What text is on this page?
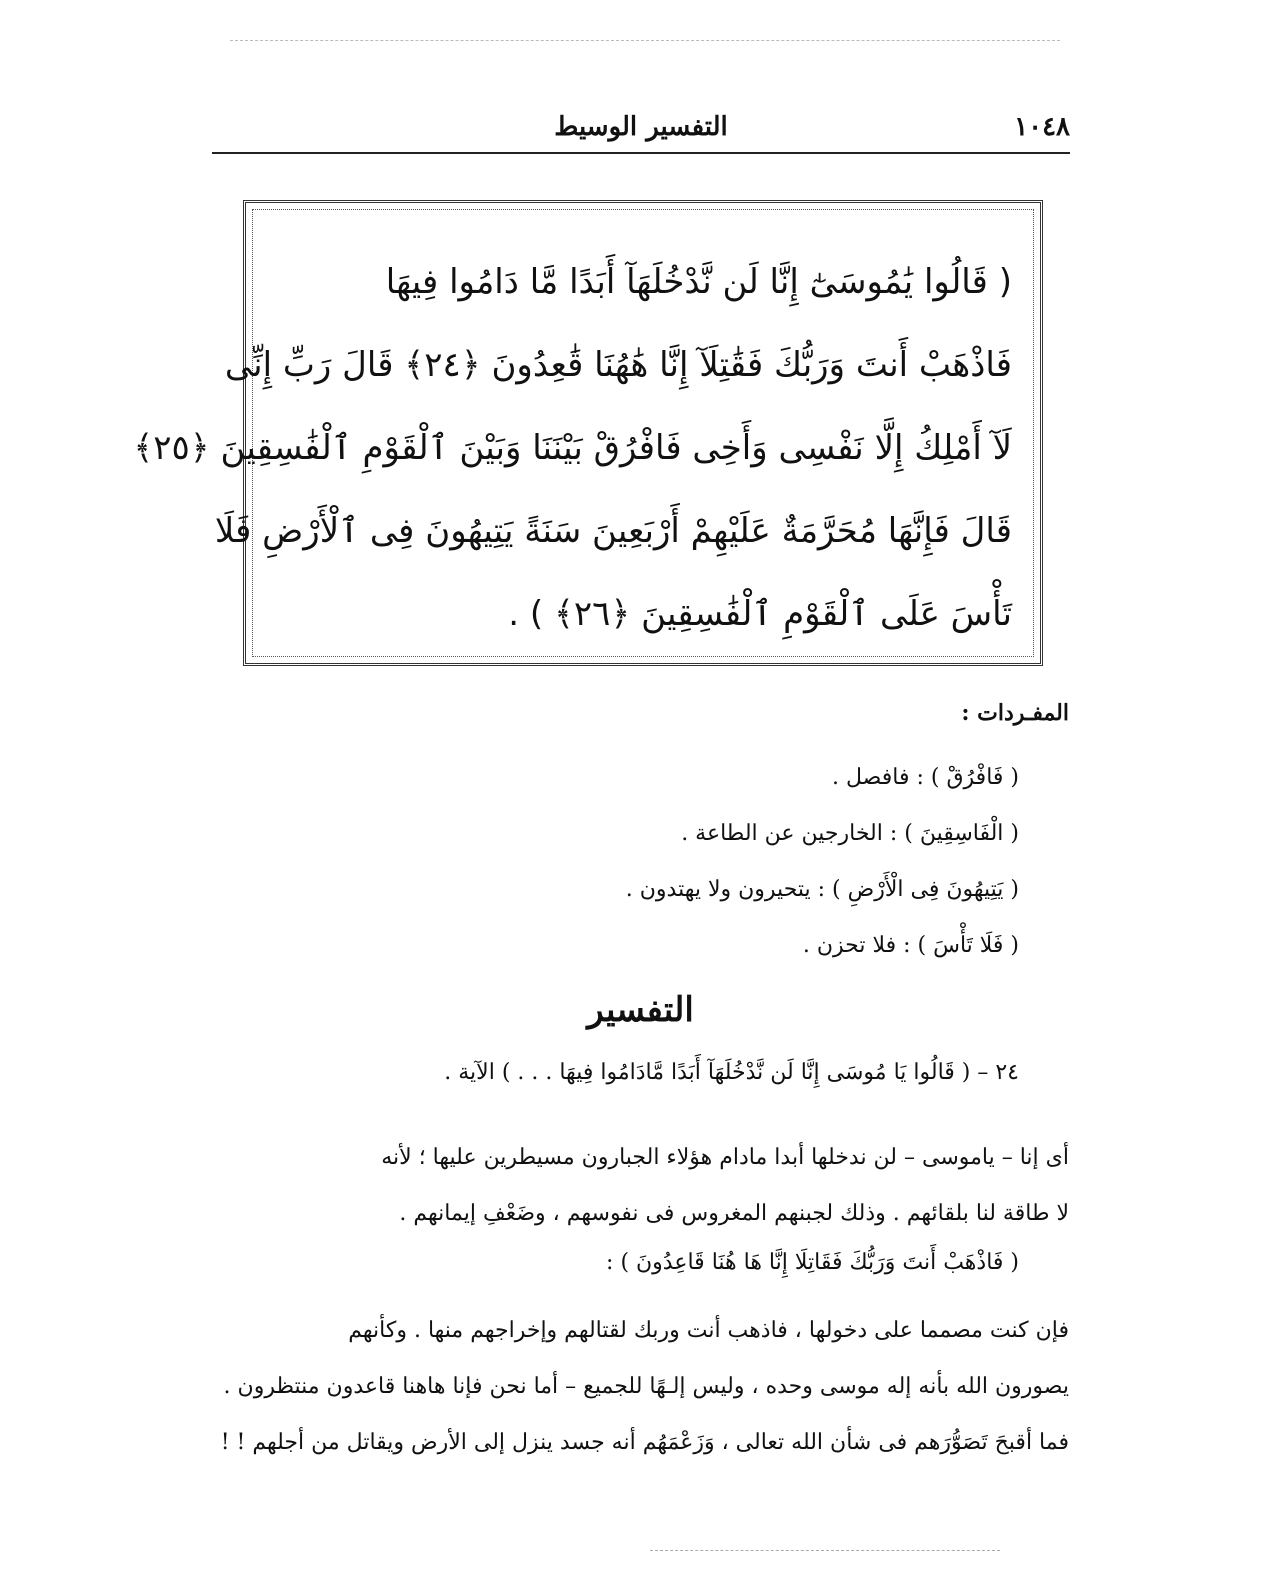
١٠٤٨
التفسير الوسيط
( قَالُوا يَٰمُوسَىٰٓ إِنَّا لَن نَّدْخُلَهَآ أَبَدًا مَّا دَامُوا فِيهَا
فَاذْهَبْ أَنتَ وَرَبُّكَ فَقَٰتِلَآ إِنَّا هَٰهُنَا قَٰعِدُونَ ﴿٢٤﴾ قَالَ رَبِّ إِنِّى
لَآ أَمْلِكُ إِلَّا نَفْسِى وَأَخِى فَافْرُقْ بَيْنَنَا وَبَيْنَ ٱلْقَوْمِ ٱلْفَٰسِقِينَ ﴿٢٥﴾
قَالَ فَإِنَّهَا مُحَرَّمَةٌ عَلَيْهِمْ أَرْبَعِينَ سَنَةً يَتِيهُونَ فِى ٱلْأَرْضِ فَلَا
تَأْسَ عَلَى ٱلْقَوْمِ ٱلْفَٰسِقِينَ ﴿٢٦﴾ ) .
المفـردات :
( فَافْرُقْ ) : فافصل .
( الْفَاسِقِينَ ) : الخارجين عن الطاعة .
( يَتِيهُونَ فِى الْأَرْضِ ) : يتحيرون ولا يهتدون .
( فَلَا تَأْسَ ) : فلا تحزن .
التفسير
٢٤ – ( قَالُوا يَا مُوسَى إِنَّا لَن نَّدْخُلَهَآ أَبَدًا مَّادَامُوا فِيهَا . . . ) الآية .
أى إنا – ياموسى – لن ندخلها أبدا مادام هؤلاء الجبارون مسيطرين عليها ؛ لأنه
لا طاقة لنا بلقائهم . وذلك لجبنهم المغروس فى نفوسهم ، وضَعْفِ إيمانهم .
( فَاذْهَبْ أَنتَ وَرَبُّكَ فَقَاتِلَا إِنَّا هَا هُنَا قَاعِدُونَ ) :
فإن كنت مصمما على دخولها ، فاذهب أنت وربك لقتالهم وإخراجهم منها . وكأنهم
يصورون الله بأنه إله موسى وحده ، وليس إلـهًا للجميع – أما نحن فإنا هاهنا قاعدون منتظرون .
فما أقبحَ تَصَوُّرَهم فى شأن الله تعالى ، وَزَعْمَهُم أنه جسد ينزل إلى الأرض ويقاتل من أجلهم ! !
